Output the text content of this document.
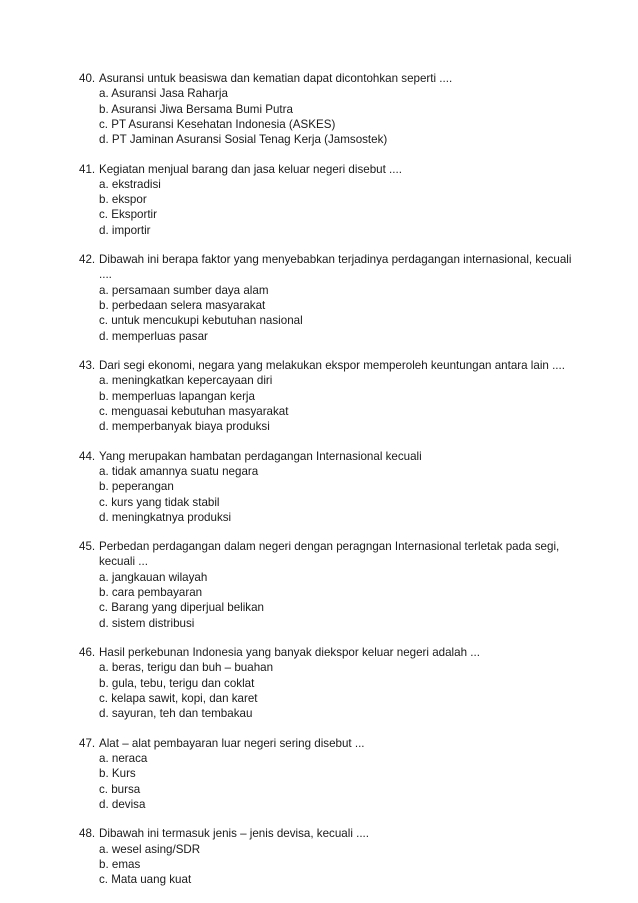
40. Asuransi untuk beasiswa dan kematian dapat dicontohkan seperti ....
a. Asuransi Jasa Raharja
b. Asuransi Jiwa Bersama Bumi Putra
c. PT Asuransi Kesehatan Indonesia (ASKES)
d. PT Jaminan Asuransi Sosial Tenag Kerja (Jamsostek)
41. Kegiatan menjual barang dan jasa keluar negeri disebut ....
a. ekstradisi
b. ekspor
c. Eksportir
d. importir
42. Dibawah ini berapa faktor yang menyebabkan terjadinya perdagangan internasional, kecuali ....
a. persamaan sumber daya alam
b. perbedaan selera masyarakat
c. untuk mencukupi kebutuhan nasional
d. memperluas pasar
43. Dari segi ekonomi, negara yang melakukan ekspor memperoleh keuntungan antara lain ....
a. meningkatkan kepercayaan diri
b. memperluas lapangan kerja
c. menguasai kebutuhan masyarakat
d. memperbanyak biaya produksi
44. Yang merupakan hambatan perdagangan Internasional kecuali
a. tidak amannya suatu negara
b. peperangan
c. kurs yang tidak stabil
d. meningkatnya produksi
45. Perbedan perdagangan dalam negeri dengan peragngan Internasional terletak pada segi, kecuali ...
a. jangkauan wilayah
b. cara pembayaran
c. Barang yang diperjual belikan
d. sistem distribusi
46. Hasil perkebunan Indonesia yang banyak diekspor keluar negeri adalah ...
a. beras, terigu dan buh – buahan
b. gula, tebu, terigu dan coklat
c. kelapa sawit, kopi, dan karet
d. sayuran, teh dan tembakau
47. Alat – alat pembayaran luar negeri sering disebut ...
a. neraca
b. Kurs
c. bursa
d. devisa
48. Dibawah ini termasuk jenis – jenis devisa, kecuali ....
a. wesel asing/SDR
b. emas
c. Mata uang kuat
